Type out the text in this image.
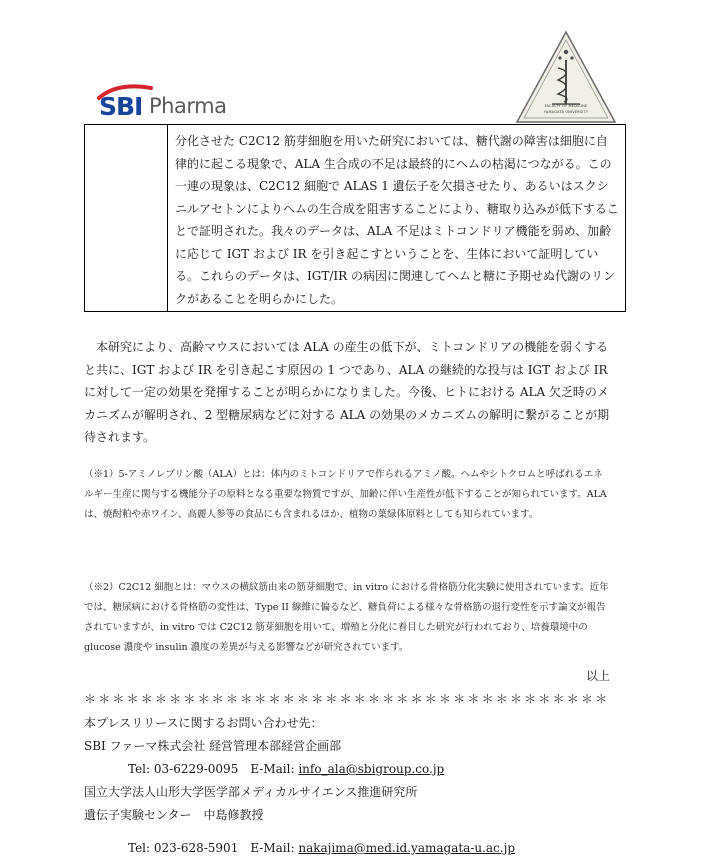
SBI Pharma	FACULTY OF MEDICINE
YAMAGATA UNIVERSITY
分化させた C2C12 筋芽細胞を用いた研究においては、糖代謝の障害は細胞に自律的に起こる現象で、ALA 生合成の不足は最終的にヘムの枯渇につながる。この一連の現象は、C2C12 細胞で ALAS 1 遺伝子を欠損させたり、あるいはスクシニルアセトンによりヘムの生合成を阻害することにより、糖取り込みが低下することで証明された。我々のデータは、ALA 不足はミトコンドリア機能を弱め、加齢に応じて IGT および IR を引き起こすということを、生体において証明している。これらのデータは、IGT/IR の病因に関連してヘムと糖に予期せぬ代謝のリンクがあることを明らかにした。
本研究により、高齢マウスにおいては ALA の産生の低下が、ミトコンドリアの機能を弱くすると共に、IGT および IR を引き起こす原因の 1 つであり、ALA の継続的な投与は IGT および IR に対して一定の効果を発揮することが明らかになりました。今後、ヒトにおける ALA 欠乏時のメカニズムが解明され、2 型糖尿病などに対する ALA の効果のメカニズムの解明に繋がることが期待されます。
（※1）5-アミノレブリン酸（ALA）とは：体内のミトコンドリアで作られるアミノ酸。ヘムやシトクロムと呼ばれるエネルギー生産に関与する機能分子の原料となる重要な物質ですが、加齢に伴い生産性が低下することが知られています。ALA は、焼酎粕や赤ワイン、高麗人参等の食品にも含まれるほか、植物の葉緑体原料としても知られています。
（※2）C2C12 細胞とは：マウスの横紋筋由来の筋芽細胞で、in vitro における骨格筋分化実験に使用されています。近年では、糖尿病における骨格筋の変性は、Type II 線維に偏るなど、糖負荷による様々な骨格筋の退行変性を示す論文が報告されていますが、in vitro では C2C12 筋芽細胞を用いて、増殖と分化に着目した研究が行われており、培養環境中の glucose 濃度や insulin 濃度の差異が与える影響などが研究されています。
以上
＊＊＊＊＊＊＊＊＊＊＊＊＊＊＊＊＊＊＊＊＊＊＊＊＊＊＊＊＊＊＊＊＊＊＊＊＊
本プレスリリースに関するお問い合わせ先：
SBI ファーマ株式会社 経営管理本部経営企画部
Tel: 03-6229-0095　E-Mail: info_ala@sbigroup.co.jp
国立大学法人山形大学医学部メディカルサイエンス推進研究所
遺伝子実験センター　中島修教授
Tel: 023-628-5901　E-Mail: nakajima@med.id.yamagata-u.ac.jp
